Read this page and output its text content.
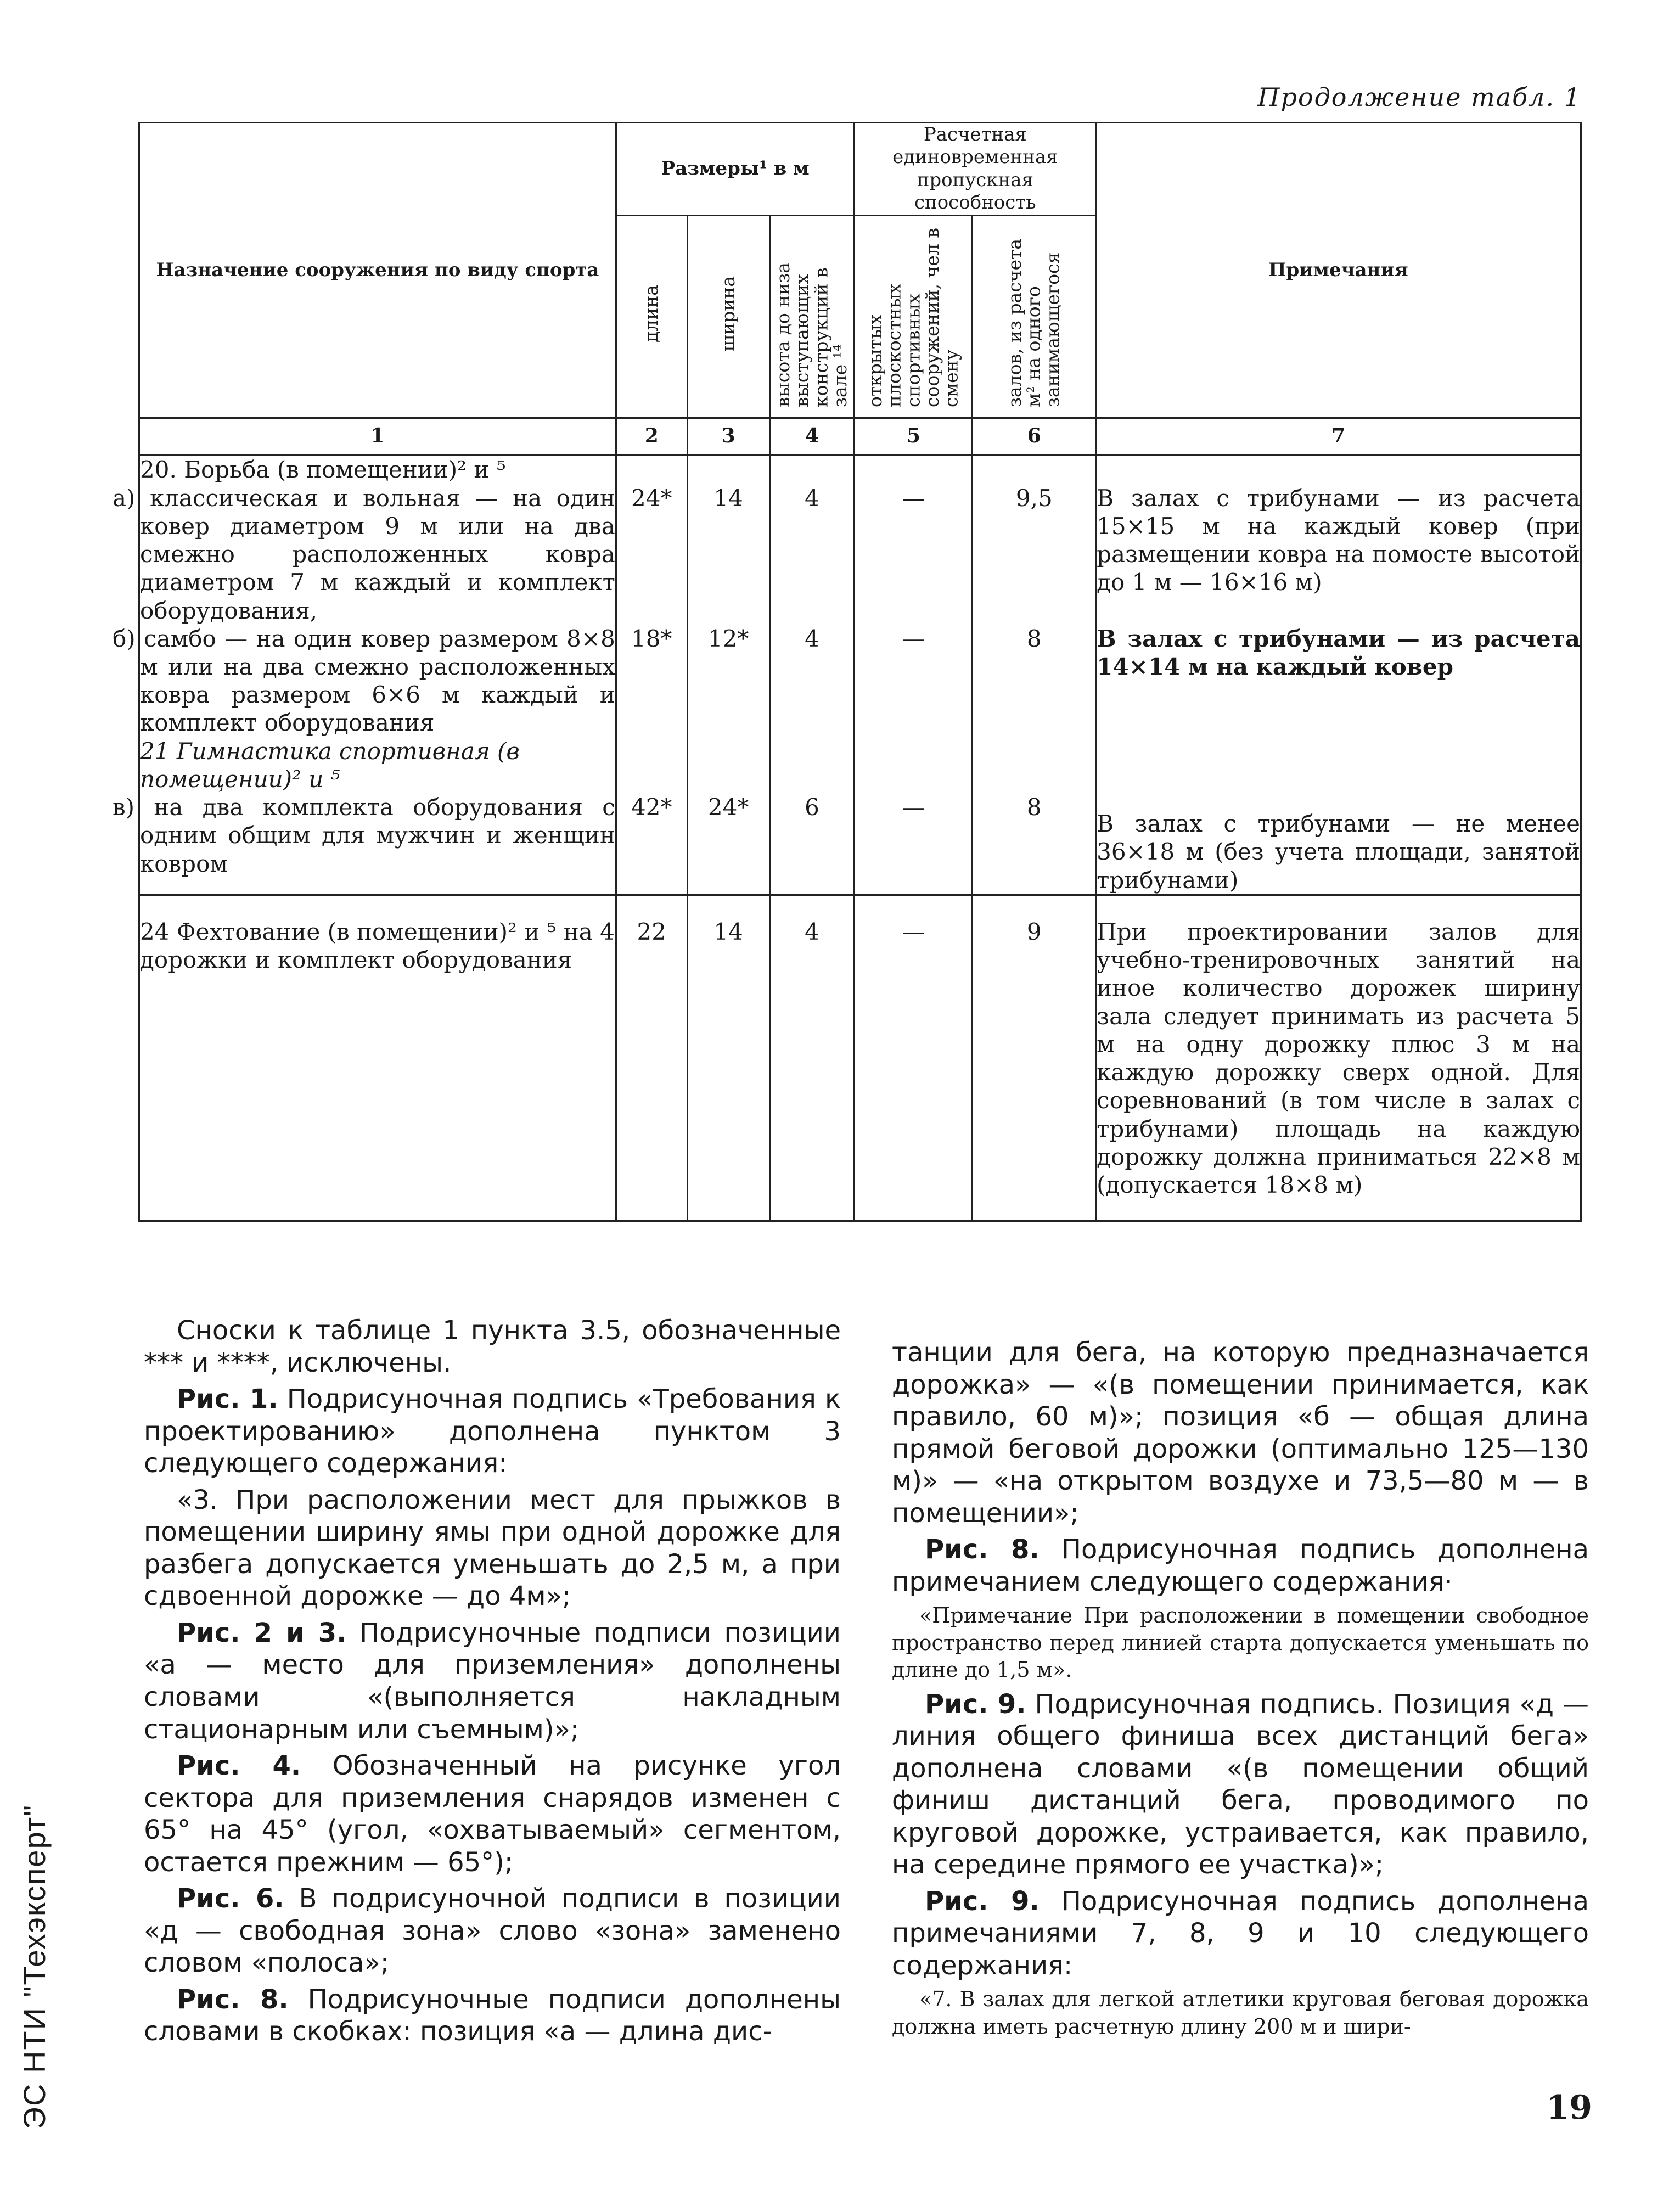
Продолжение табл. 1
Назначение сооружения по виду спорта	Размеры¹ в м			Расчетная единовременная пропускная способность		Примечания
	длина	ширина	высота до низа выступающих конструкций в зале ¹⁴	открытых плоскостных спортивных сооружений, чел в смену	залов, из расчета м² на одного занимающегося	
1	2	3	4	5	6	7
20. Борьба (в помещении)² и ⁵						
а) классическая и вольная — на один ковер диаметром 9 м или на два смежно расположенных ковра диаметром 7 м каждый и комплект оборудования,	24*	14	4	—	9,5	В залах с трибунами — из расчета 15×15 м на каждый ковер (при размещении ковра на помосте высотой до 1 м — 16×16 м)
б) самбо — на один ковер размером 8×8 м или на два смежно расположенных ковра размером 6×6 м каждый и комплект оборудования	18*	12*	4	—	8	В залах с трибунами — из расчета 14×14 м на каждый ковер
21 Гимнастика спортивная (в помещении)² и ⁵						
в) на два комплекта оборудования с одним общим для мужчин и женщин ковром	42*	24*	6	—	8	В залах с трибунами — не менее 36×18 м (без учета площади, занятой трибунами)
24 Фехтование (в помещении)² и ⁵ на 4 дорожки и комплект оборудования	22	14	4	—	9	При проектировании залов для учебно-тренировочных занятий на иное количество дорожек ширину зала следует принимать из расчета 5 м на одну дорожку плюс 3 м на каждую дорожку сверх одной. Для соревнований (в том числе в залах с трибунами) площадь на каждую дорожку должна приниматься 22×8 м (допускается 18×8 м)

Сноски к таблице 1 пункта 3.5, обозначенные *** и ****, исключены.

Рис. 1. Подрисуночная подпись «Требования к проектированию» дополнена пунктом 3 следующего содержания:

«3. При расположении мест для прыжков в помещении ширину ямы при одной дорожке для разбега допускается уменьшать до 2,5 м, а при сдвоенной дорожке — до 4м»;

Рис. 2 и 3. Подрисуночные подписи позиции «а — место для приземления» дополнены словами «(выполняется накладным стационарным или съемным)»;

Рис. 4. Обозначенный на рисунке угол сектора для приземления снарядов изменен с 65° на 45° (угол, «охватываемый» сегментом, остается прежним — 65°);

Рис. 6. В подрисуночной подписи в позиции «д — свободная зона» слово «зона» заменено словом «полоса»;

Рис. 8. Подрисуночные подписи дополнены словами в скобках: позиция «а — длина дис-

танции для бега, на которую предназначается дорожка» — «(в помещении принимается, как правило, 60 м)»; позиция «б — общая длина прямой беговой дорожки (оптимально 125—130 м)» — «на открытом воздухе и 73,5—80 м — в помещении»;

Рис. 8. Подрисуночная подпись дополнена примечанием следующего содержания·

«Примечание При расположении в помещении свободное пространство перед линией старта допускается уменьшать по длине до 1,5 м».

Рис. 9. Подрисуночная подпись. Позиция «д — линия общего финиша всех дистанций бега» дополнена словами «(в помещении общий финиш дистанций бега, проводимого по круговой дорожке, устраивается, как правило, на середине прямого ее участка)»;

Рис. 9. Подрисуночная подпись дополнена примечаниями 7, 8, 9 и 10 следующего содержания:

«7. В залах для легкой атлетики круговая беговая дорожка должна иметь расчетную длину 200 м и шири-

ЭС НТИ "Техэксперт"	19
